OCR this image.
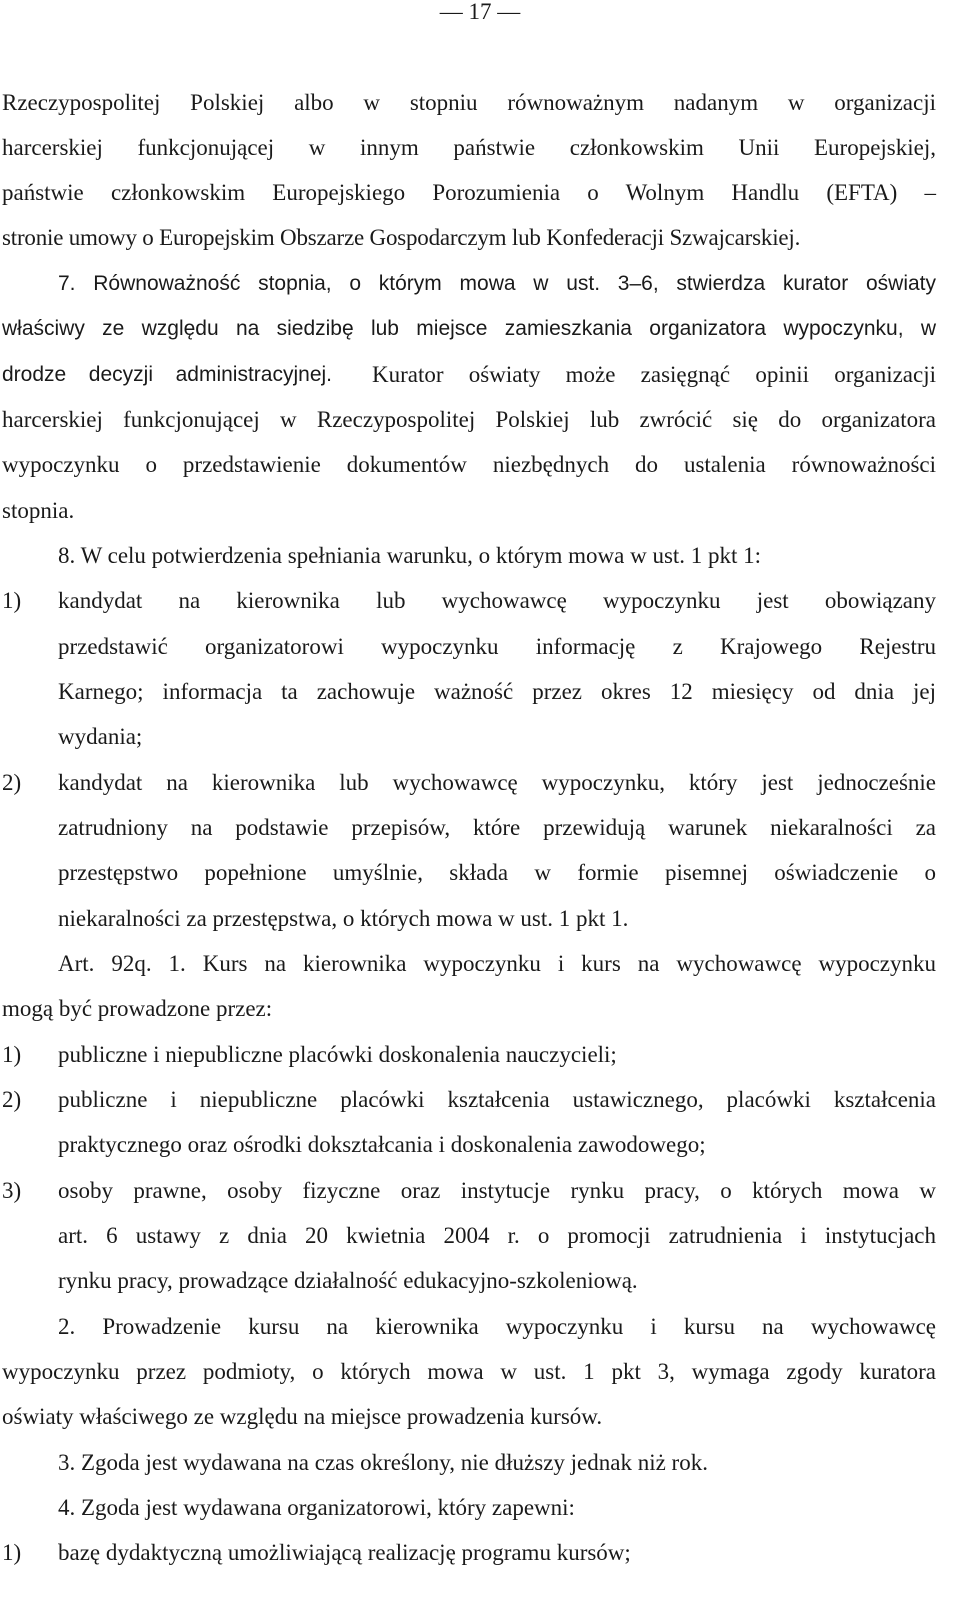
— 17 —
Rzeczypospolitej Polskiej albo w stopniu równoważnym nadanym w organizacji
harcerskiej funkcjonującej w innym państwie członkowskim Unii Europejskiej,
państwie członkowskim Europejskiego Porozumienia o Wolnym Handlu (EFTA) –
stronie umowy o Europejskim Obszarze Gospodarczym lub Konfederacji Szwajcarskiej.
7. Równoważność stopnia, o którym mowa w ust. 3–6, stwierdza kurator oświaty
właściwy ze względu na siedzibę lub miejsce zamieszkania organizatora wypoczynku, w
drodze decyzji administracyjnej. Kurator oświaty może zasięgnąć opinii organizacji
harcerskiej funkcjonującej w Rzeczypospolitej Polskiej lub zwrócić się do organizatora
wypoczynku o przedstawienie dokumentów niezbędnych do ustalenia równoważności
stopnia.
8. W celu potwierdzenia spełniania warunku, o którym mowa w ust. 1 pkt 1:
1) kandydat na kierownika lub wychowawcę wypoczynku jest obowiązany
przedstawić organizatorowi wypoczynku informację z Krajowego Rejestru
Karnego; informacja ta zachowuje ważność przez okres 12 miesięcy od dnia jej
wydania;
2) kandydat na kierownika lub wychowawcę wypoczynku, który jest jednocześnie
zatrudniony na podstawie przepisów, które przewidują warunek niekaralności za
przestępstwo popełnione umyślnie, składa w formie pisemnej oświadczenie o
niekaralności za przestępstwa, o których mowa w ust. 1 pkt 1.
Art. 92q. 1. Kurs na kierownika wypoczynku i kurs na wychowawcę wypoczynku
mogą być prowadzone przez:
1) publiczne i niepubliczne placówki doskonalenia nauczycieli;
2) publiczne i niepubliczne placówki kształcenia ustawicznego, placówki kształcenia
praktycznego oraz ośrodki dokształcania i doskonalenia zawodowego;
3) osoby prawne, osoby fizyczne oraz instytucje rynku pracy, o których mowa w
art. 6 ustawy z dnia 20 kwietnia 2004 r. o promocji zatrudnienia i instytucjach
rynku pracy, prowadzące działalność edukacyjno-szkoleniową.
2. Prowadzenie kursu na kierownika wypoczynku i kursu na wychowawcę
wypoczynku przez podmioty, o których mowa w ust. 1 pkt 3, wymaga zgody kuratora
oświaty właściwego ze względu na miejsce prowadzenia kursów.
3. Zgoda jest wydawana na czas określony, nie dłuższy jednak niż rok.
4. Zgoda jest wydawana organizatorowi, który zapewni:
1) bazę dydaktyczną umożliwiającą realizację programu kursów;
